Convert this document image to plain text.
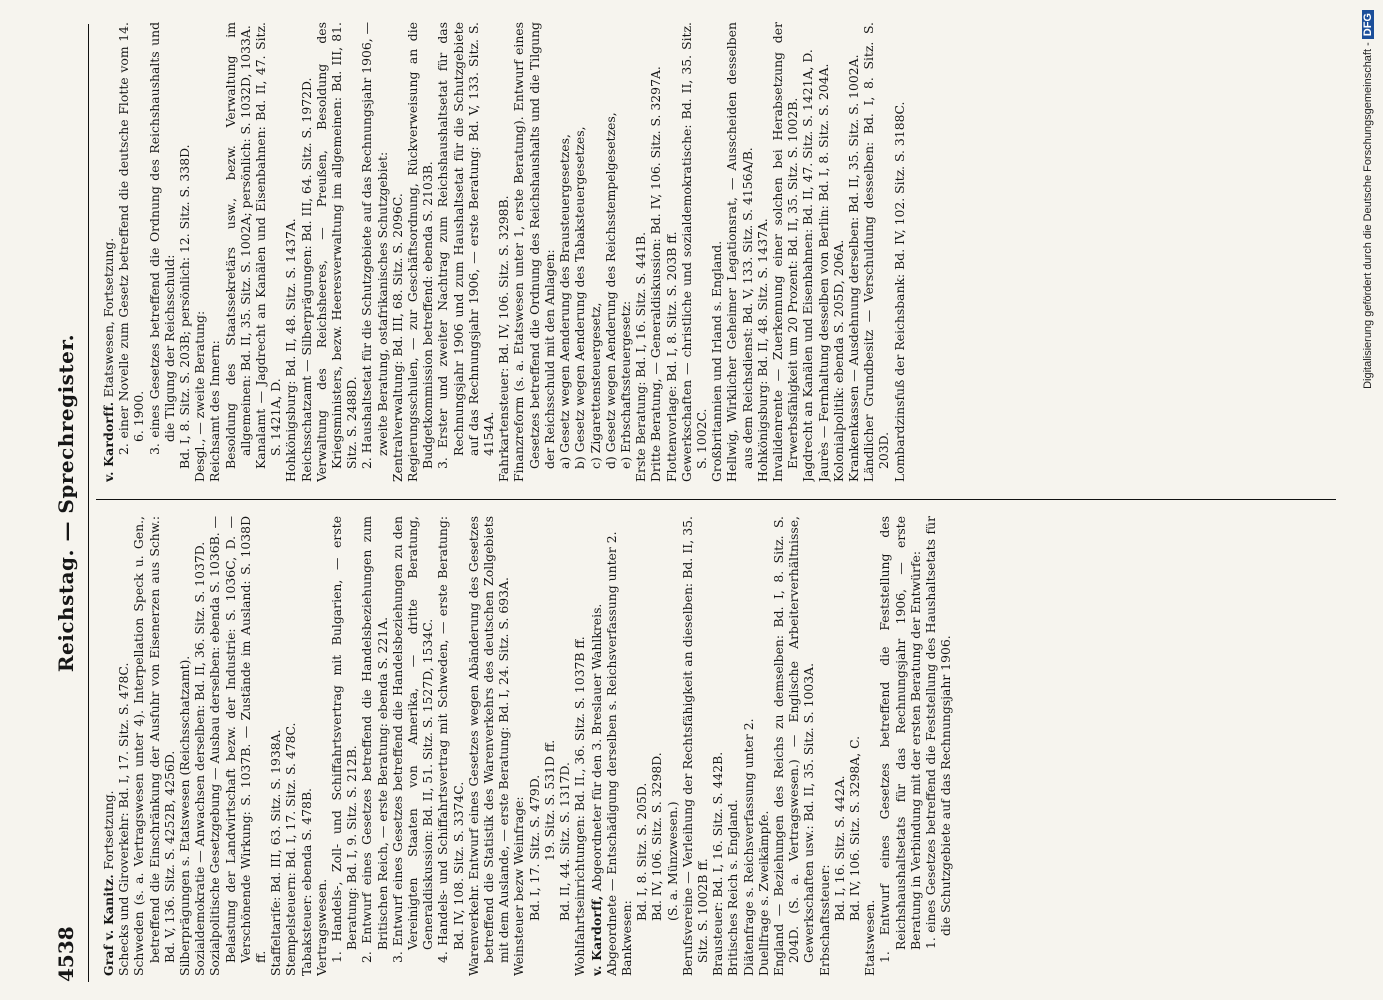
4538
Reichstag. — Sprechregister.
Graf v. Kanitz. Fortsetzung. Schecks und Giroverkehr: Bd. I, 17. Sitz. S. 478C. Schweden (s. a. Vertragswesen unter 4). Interpellation Speck u. Gen., betreffend die Einschränkung der Ausfuhr von Eisenerzen aus Schw.: Bd. V, 136. Sitz. S. 4252B, 4256D. Silberprägungen s. Etatswesen (Reichsschatzamt). Sozialdemokratie — Anwachsen derselben: Bd. II, 36. Sitz. S. 1037D. Sozialpolitische Gesetzgebung — Ausbau derselben: ebenda S. 1036B. — Belastung der Landwirtschaft bezw. der Industrie: S. 1036C, D. — Verschönende Wirkung: S. 1037B. — Zustände im Ausland: S. 1038D ff. Staffeltarife: Bd. III, 63. Sitz. S. 1938A. Stempelsteuern: Bd. I, 17. Sitz. S. 478C. Tabaksteuer: ebenda S. 478B. Vertragswesen. 1. Handels-, Zoll- und Schiffahrtsvertrag mit Bulgarien, — erste Beratung: Bd. I, 9. Sitz. S. 212B. 2. Entwurf eines Gesetzes betreffend die Handelsbeziehungen zum Britischen Reich, — erste Beratung: ebenda S. 221A. 3. Entwurf eines Gesetzes betreffend die Handelsbeziehungen zu den Vereinigten Staaten von Amerika, — dritte Beratung, Generaldiskussion: Bd. II, 51. Sitz. S. 1527D, 1534C. 4. Handels- und Schiffahrtsvertrag mit Schweden, — erste Beratung: Bd. IV, 108. Sitz. S. 3374C. Warenverkehr. Entwurf eines Gesetzes wegen Abänderung des Gesetzes betreffend die Statistik des Warenverkehrs des deutschen Zollgebiets mit dem Auslande, — erste Beratung: Bd. I, 24. Sitz. S. 693A. Weinsteuer bezw Weinfrage: Bd. I, 17. Sitz. S. 479D. 19. Sitz. S. 531D ff. Bd. II, 44. Sitz. S. 1317D. Wohlfahrtseinrichtungen: Bd. II., 36. Sitz. S. 1037B ff. v. Kardorff, Abgeordneter für den 3. Breslauer Wahlkreis. Abgeordnete — Entschädigung derselben s. Reichsverfassung unter 2. Bankwesen:
Bd. I, 8. Sitz. S. 205D. Bd. IV, 106. Sitz. S. 3298D. (S. a. Münzwesen.) Berufsvereine — Verleihung der Rechtsfähigkeit an dieselben: Bd. II, 35. Sitz. S. 1002B ff. Brausteuer: Bd. I, 16. Sitz. S. 442B. Britisches Reich s. England. Diätenfrage s. Reichsverfassung unter 2. Duellfrage s. Zweikämpfe. England — Beziehungen des Reichs zu demselben: Bd. I, 8. Sitz. S. 204D. (S. a. Vertragswesen.) — Englische Arbeiterverhältnisse, Gewerkschaften usw.: Bd. II, 35. Sitz. S. 1003A. Erbschaftssteuer: Bd. I, 16. Sitz. S. 442A. Bd. IV, 106. Sitz. S. 3298A, C.
Etatswesen. 1. Entwurf eines Gesetzes betreffend die Feststellung des Reichshaushaltsetats für das Rechnungsjahr 1906, — erste Beratung in Verbindung mit der ersten Beratung der Entwürfe: 1. eines Gesetzes betreffend die Feststellung des Haushaltsetats für die Schutzgebiete auf das Rechnungsjahr 1906.
v. Kardorff. Etatswesen, Fortsetzung. 2. einer Novelle zum Gesetz betreffend die deutsche Flotte vom 14. 6. 1900. 3. eines Gesetzes betreffend die Ordnung des Reichshaushalts und die Tilgung der Reichsschuld: Bd. I, 8. Sitz. S. 203B; persönlich: 12. Sitz. S. 338D. Desgl., — zweite Beratung: Reichsamt des Innern: Besoldung des Staatssekretärs usw., bezw. Verwaltung im allgemeinen: Bd. II, 35. Sitz. S. 1002A; persönlich: S. 1032D, 1033A. Kanalamt — Jagdrecht an Kanälen und Eisenbahnen: Bd. II, 47. Sitz. S. 1421A, D. Hohkönigsburg: Bd. II, 48. Sitz. S. 1437A. Reichsschatzamt — Silberprägungen: Bd. III, 64. Sitz. S. 1972D. Verwaltung des Reichsheeres, — Preußen, Besoldung des Kriegsministers, bezw. Heeresverwaltung im allgemeinen: Bd. III, 81. Sitz. S. 2488D. 2. Haushaltsetat für die Schutzgebiete auf das Rechnungsjahr 1906, — zweite Beratung, ostafrikanisches Schutzgebiet: Zentralverwaltung: Bd. III, 68. Sitz. S. 2096C. Regierungsschulen, — zur Geschäftsordnung, Rückverweisung an die Budgetkommission betreffend: ebenda S. 2103B. 3. Erster und zweiter Nachtrag zum Reichshaushaltsetat für das Rechnungsjahr 1906 und zum Haushaltsetat für die Schutzgebiete auf das Rechnungsjahr 1906, — erste Beratung: Bd. V, 133. Sitz. S. 4154A. Fahrkartensteuer: Bd. IV, 106. Sitz. S. 3298B. Finanzreform (s. a. Etatswesen unter 1, erste Beratung). Entwurf eines Gesetzes betreffend die Ordnung des Reichshaushalts und die Tilgung der Reichsschuld mit den Anlagen: a) Gesetz wegen Aenderung des Brausteuergesetzes, b) Gesetz wegen Aenderung des Tabaksteuergesetzes, c) Zigarettensteuergesetz, d) Gesetz wegen Aenderung des Reichsstempelgesetzes, e) Erbschaftssteuergesetz: Erste Beratung: Bd. I, 16. Sitz. S. 441B. Dritte Beratung, — Generaldiskussion: Bd. IV, 106. Sitz. S. 3297A. Flottenvorlage: Bd. I, 8. Sitz. S. 203B ff. Gewerkschaften — christliche und sozialdemokratische: Bd. II, 35. Sitz. S. 1002C. Großbritannien und Irland s. England. Hellwig, Wirklicher Geheimer Legationsrat, — Ausscheiden desselben aus dem Reichsdienst: Bd. V, 133. Sitz. S. 4156A/B. Hohkönigsburg: Bd. II, 48. Sitz. S. 1437A. Invalidenrente — Zuerkennung einer solchen bei Herabsetzung der Erwerbsfähigkeit um 20 Prozent: Bd. II, 35. Sitz. S. 1002B. Jagdrecht an Kanälen und Eisenbahnen: Bd. II, 47. Sitz. S. 1421A, D. Jaurès — Fernhaltung desselben von Berlin: Bd. I, 8. Sitz. S. 204A. Kolonialpolitik: ebenda S. 205D, 206A. Krankenkassen — Ausdehnung derselben: Bd. II, 35. Sitz. S. 1002A. Ländlicher Grundbesitz — Verschuldung desselben: Bd. I, 8. Sitz. S. 203D. Lombardzinsfuß der Reichsbank: Bd. IV, 102. Sitz. S. 3188C.	Digitalisierung gefördert durch die Deutsche Forschungsgemeinschaft -DFG
